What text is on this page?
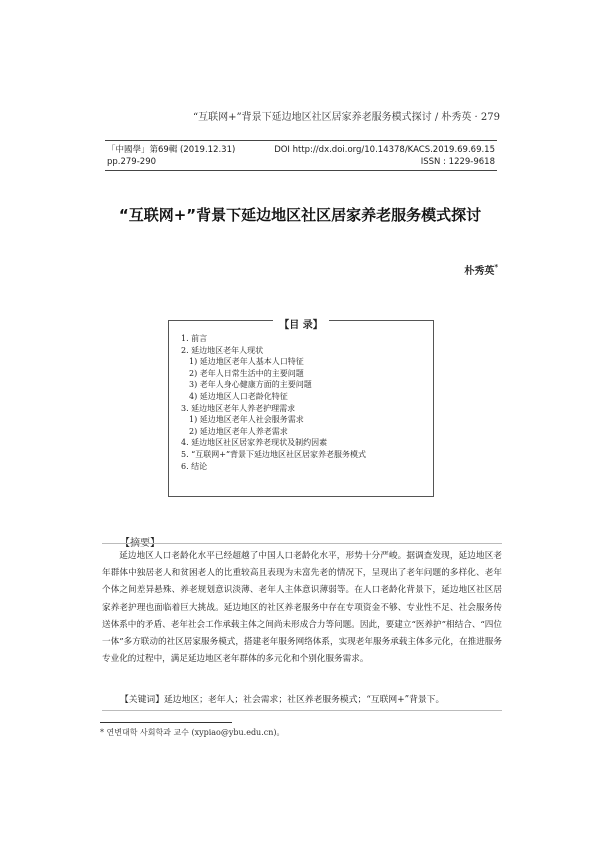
“互联网+”背景下延边地区社区居家养老服务模式探讨 / 朴秀英 · 279
「中國學」第69輯 (2019.12.31)	DOI http://dx.doi.org/10.14378/KACS.2019.69.69.15
pp.279-290	ISSN : 1229-9618
“互联网+”背景下延边地区社区居家养老服务模式探讨
朴秀英*
【目 录】
1. 前言
2. 延边地区老年人现状
1) 延边地区老年人基本人口特征
2) 老年人日常生活中的主要问题
3) 老年人身心健康方面的主要问题
4) 延边地区人口老龄化特征
3. 延边地区老年人养老护理需求
1) 延边地区老年人社会服务需求
2) 延边地区老年人养老需求
4. 延边地区社区居家养老现状及制约因素
5. “互联网+”背景下延边地区社区居家养老服务模式
6. 结论

延边地区人口老龄化水平已经超越了中国人口老龄化水平，形势十分严峻。据调查发现，延边地区老年群体中独居老人和贫困老人的比重较高且表现为未富先老的情况下，呈现出了老年问题的多样化、老年个体之间差异悬殊、养老规划意识淡薄、老年人主体意识薄弱等。在人口老龄化背景下，延边地区社区居家养老护理也面临着巨大挑战。延边地区的社区养老服务中存在专项资金不够、专业性不足、社会服务传送体系中的矛盾、老年社会工作承载主体之间尚未形成合力等问题。因此，要建立“医养护”相结合、“四位一体”多方联动的社区居家服务模式，搭建老年服务网络体系，实现老年服务承载主体多元化，在推进服务专业化的过程中，满足延边地区老年群体的多元化和个别化服务需求。

【关键词】延边地区；老年人；社会需求；社区养老服务模式；“互联网+”背景下。
* 연변대학 사회학과 교수 (xypiao@ybu.edu.cn)。
